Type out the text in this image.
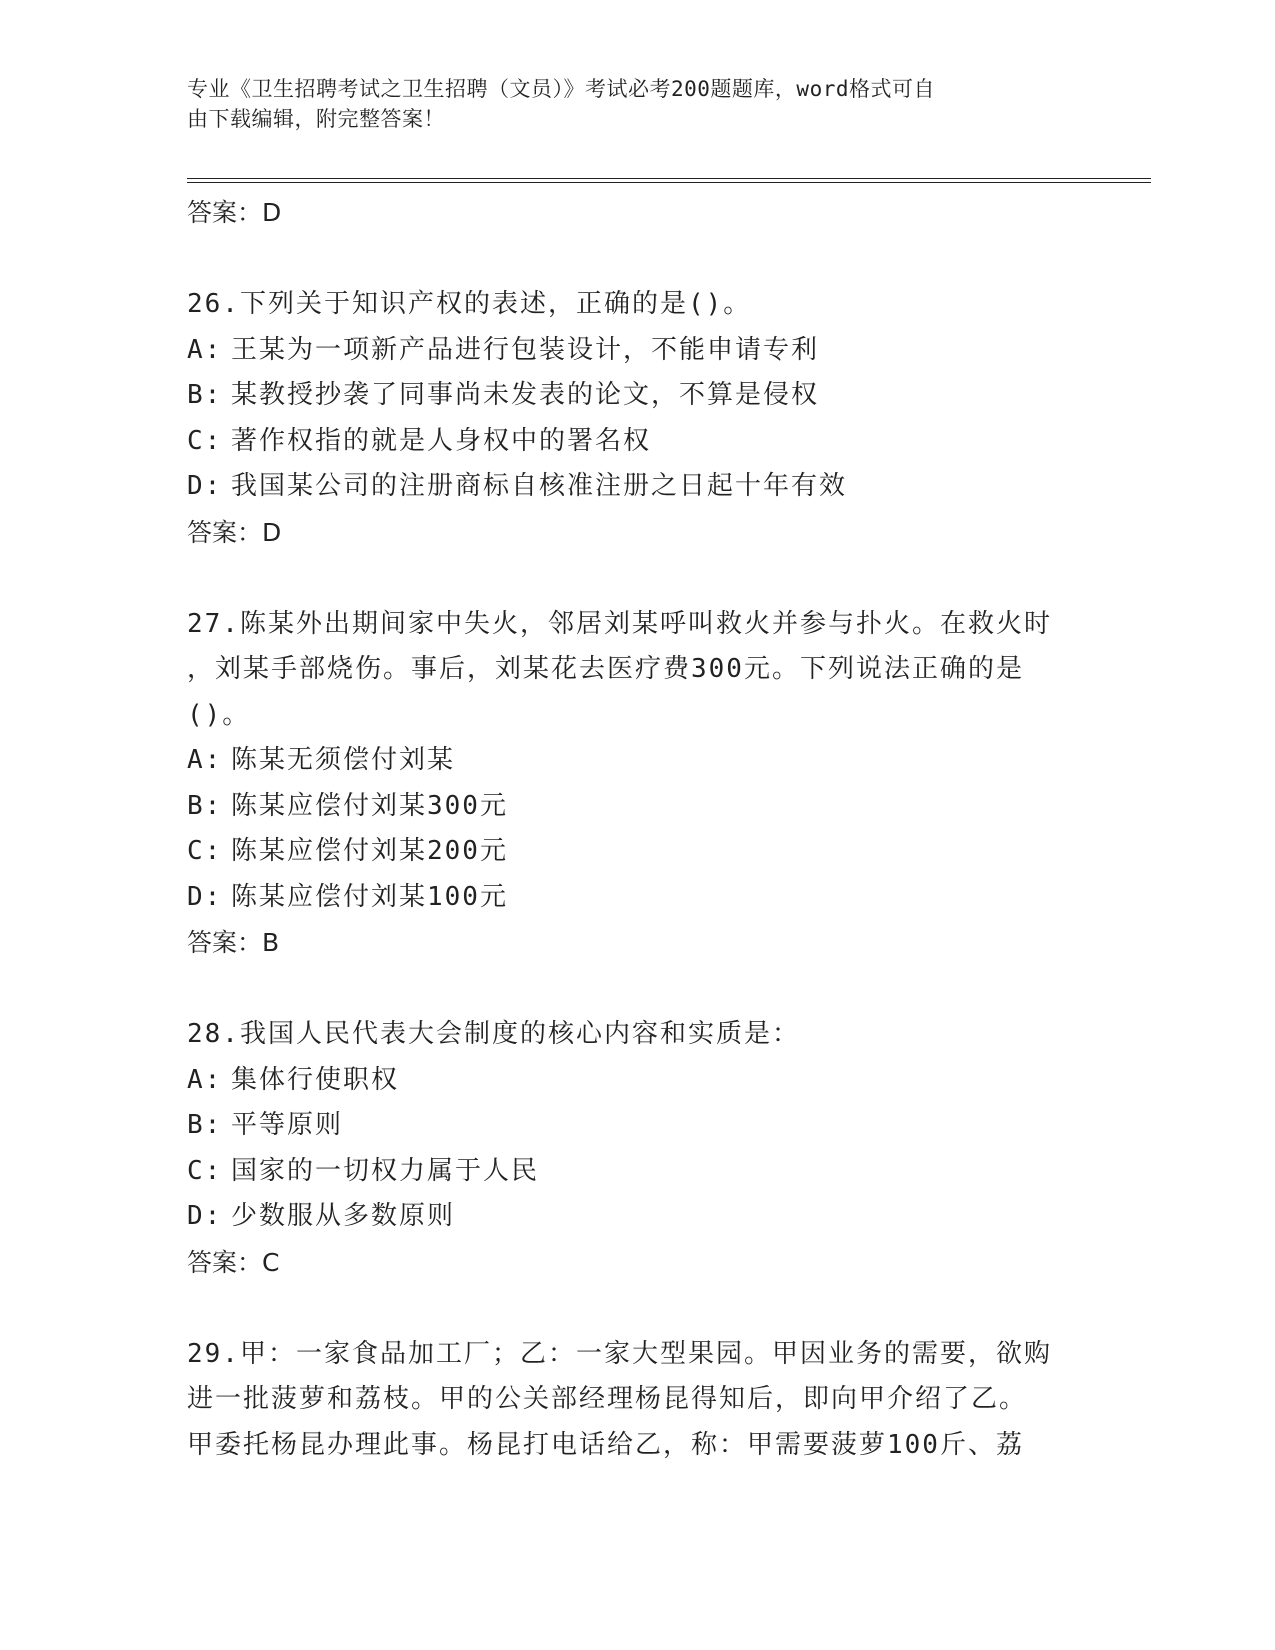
专业《卫生招聘考试之卫生招聘（文员）》考试必考200题题库，word格式可自
由下载编辑，附完整答案！
答案：D
26.下列关于知识产权的表述，正确的是()。
A: 王某为一项新产品进行包装设计，不能申请专利
B: 某教授抄袭了同事尚未发表的论文，不算是侵权
C: 著作权指的就是人身权中的署名权
D: 我国某公司的注册商标自核准注册之日起十年有效
答案：D
27.陈某外出期间家中失火，邻居刘某呼叫救火并参与扑火。在救火时
，刘某手部烧伤。事后，刘某花去医疗费300元。下列说法正确的是
()。
A: 陈某无须偿付刘某
B: 陈某应偿付刘某300元
C: 陈某应偿付刘某200元
D: 陈某应偿付刘某100元
答案：B
28.我国人民代表大会制度的核心内容和实质是：
A: 集体行使职权
B: 平等原则
C: 国家的一切权力属于人民
D: 少数服从多数原则
答案：C
29.甲：一家食品加工厂；乙：一家大型果园。甲因业务的需要，欲购
进一批菠萝和荔枝。甲的公关部经理杨昆得知后，即向甲介绍了乙。
甲委托杨昆办理此事。杨昆打电话给乙，称：甲需要菠萝100斤、荔
